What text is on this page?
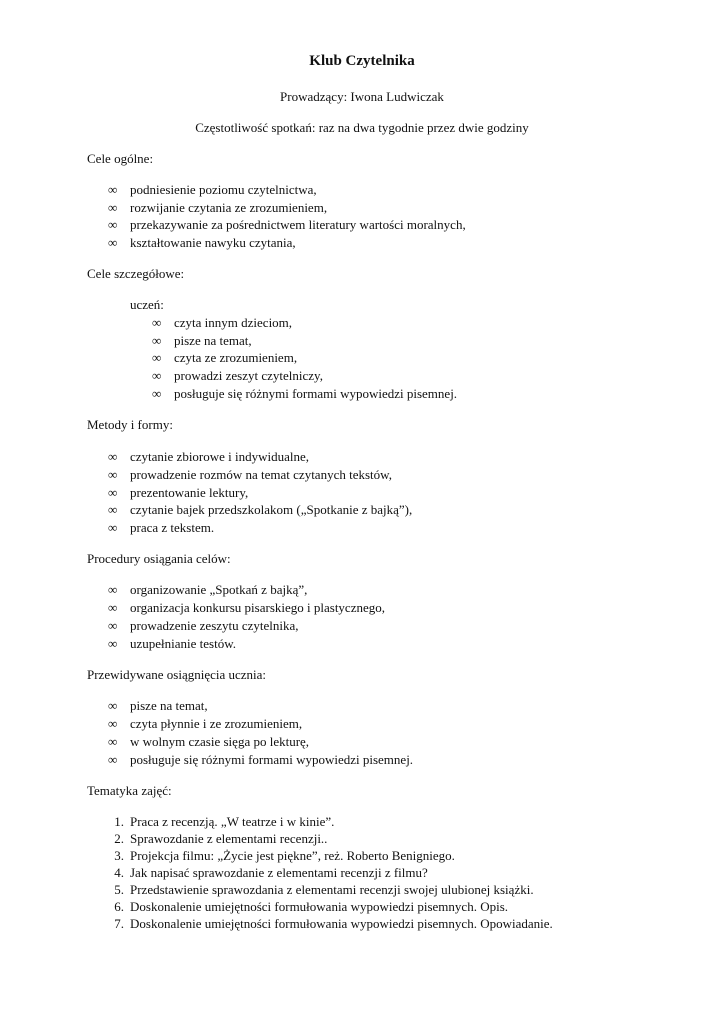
Klub Czytelnika
Prowadzący: Iwona Ludwiczak
Częstotliwość spotkań: raz na dwa tygodnie przez dwie godziny
Cele ogólne:
∞ podniesienie poziomu czytelnictwa,
∞ rozwijanie czytania ze zrozumieniem,
∞ przekazywanie za pośrednictwem literatury wartości moralnych,
∞ kształtowanie nawyku czytania,
Cele szczegółowe:
uczeń:
∞ czyta innym dzieciom,
∞ pisze na temat,
∞ czyta ze zrozumieniem,
∞ prowadzi zeszyt czytelniczy,
∞ posługuje się różnymi formami wypowiedzi pisemnej.
Metody i formy:
∞ czytanie zbiorowe i indywidualne,
∞ prowadzenie rozmów na temat czytanych tekstów,
∞ prezentowanie lektury,
∞ czytanie bajek przedszkolakom („Spotkanie z bajką”),
∞ praca z tekstem.
Procedury osiągania celów:
∞ organizowanie „Spotkań z bajką”,
∞ organizacja konkursu pisarskiego i plastycznego,
∞ prowadzenie zeszytu czytelnika,
∞ uzupełnianie testów.
Przewidywane osiągnięcia ucznia:
∞ pisze na temat,
∞ czyta płynnie i ze zrozumieniem,
∞ w wolnym czasie sięga po lekturę,
∞ posługuje się różnymi formami wypowiedzi pisemnej.
Tematyka zajęć:
1. Praca z recenzją. „W teatrze i w kinie”.
2. Sprawozdanie z elementami recenzji..
3. Projekcja filmu: „Życie jest piękne”, reż. Roberto Benigniego.
4. Jak napisać sprawozdanie z elementami recenzji z filmu?
5. Przedstawienie sprawozdania z elementami recenzji swojej ulubionej książki.
6. Doskonalenie umiejętności formułowania wypowiedzi pisemnych. Opis.
7. Doskonalenie umiejętności formułowania wypowiedzi pisemnych. Opowiadanie.
